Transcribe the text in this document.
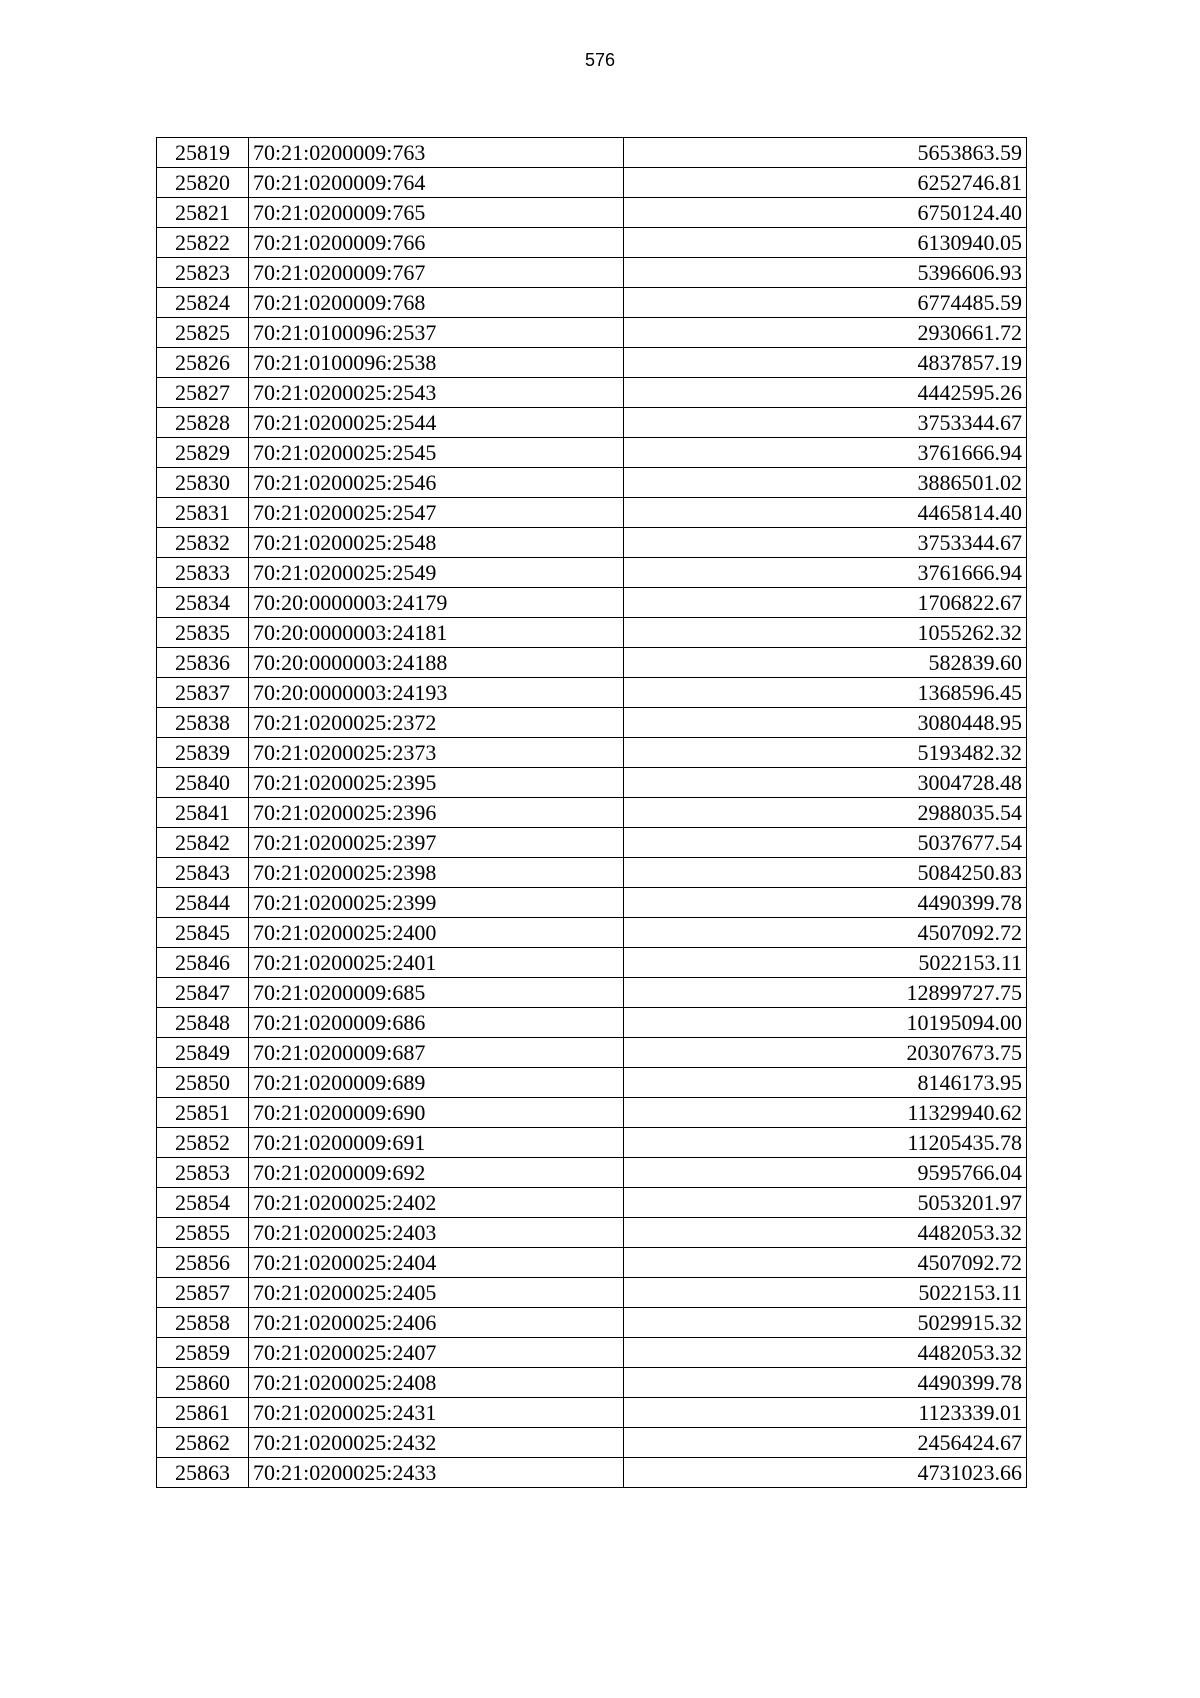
576
25819	70:21:0200009:763	5653863.59
25820	70:21:0200009:764	6252746.81
25821	70:21:0200009:765	6750124.40
25822	70:21:0200009:766	6130940.05
25823	70:21:0200009:767	5396606.93
25824	70:21:0200009:768	6774485.59
25825	70:21:0100096:2537	2930661.72
25826	70:21:0100096:2538	4837857.19
25827	70:21:0200025:2543	4442595.26
25828	70:21:0200025:2544	3753344.67
25829	70:21:0200025:2545	3761666.94
25830	70:21:0200025:2546	3886501.02
25831	70:21:0200025:2547	4465814.40
25832	70:21:0200025:2548	3753344.67
25833	70:21:0200025:2549	3761666.94
25834	70:20:0000003:24179	1706822.67
25835	70:20:0000003:24181	1055262.32
25836	70:20:0000003:24188	582839.60
25837	70:20:0000003:24193	1368596.45
25838	70:21:0200025:2372	3080448.95
25839	70:21:0200025:2373	5193482.32
25840	70:21:0200025:2395	3004728.48
25841	70:21:0200025:2396	2988035.54
25842	70:21:0200025:2397	5037677.54
25843	70:21:0200025:2398	5084250.83
25844	70:21:0200025:2399	4490399.78
25845	70:21:0200025:2400	4507092.72
25846	70:21:0200025:2401	5022153.11
25847	70:21:0200009:685	12899727.75
25848	70:21:0200009:686	10195094.00
25849	70:21:0200009:687	20307673.75
25850	70:21:0200009:689	8146173.95
25851	70:21:0200009:690	11329940.62
25852	70:21:0200009:691	11205435.78
25853	70:21:0200009:692	9595766.04
25854	70:21:0200025:2402	5053201.97
25855	70:21:0200025:2403	4482053.32
25856	70:21:0200025:2404	4507092.72
25857	70:21:0200025:2405	5022153.11
25858	70:21:0200025:2406	5029915.32
25859	70:21:0200025:2407	4482053.32
25860	70:21:0200025:2408	4490399.78
25861	70:21:0200025:2431	1123339.01
25862	70:21:0200025:2432	2456424.67
25863	70:21:0200025:2433	4731023.66
